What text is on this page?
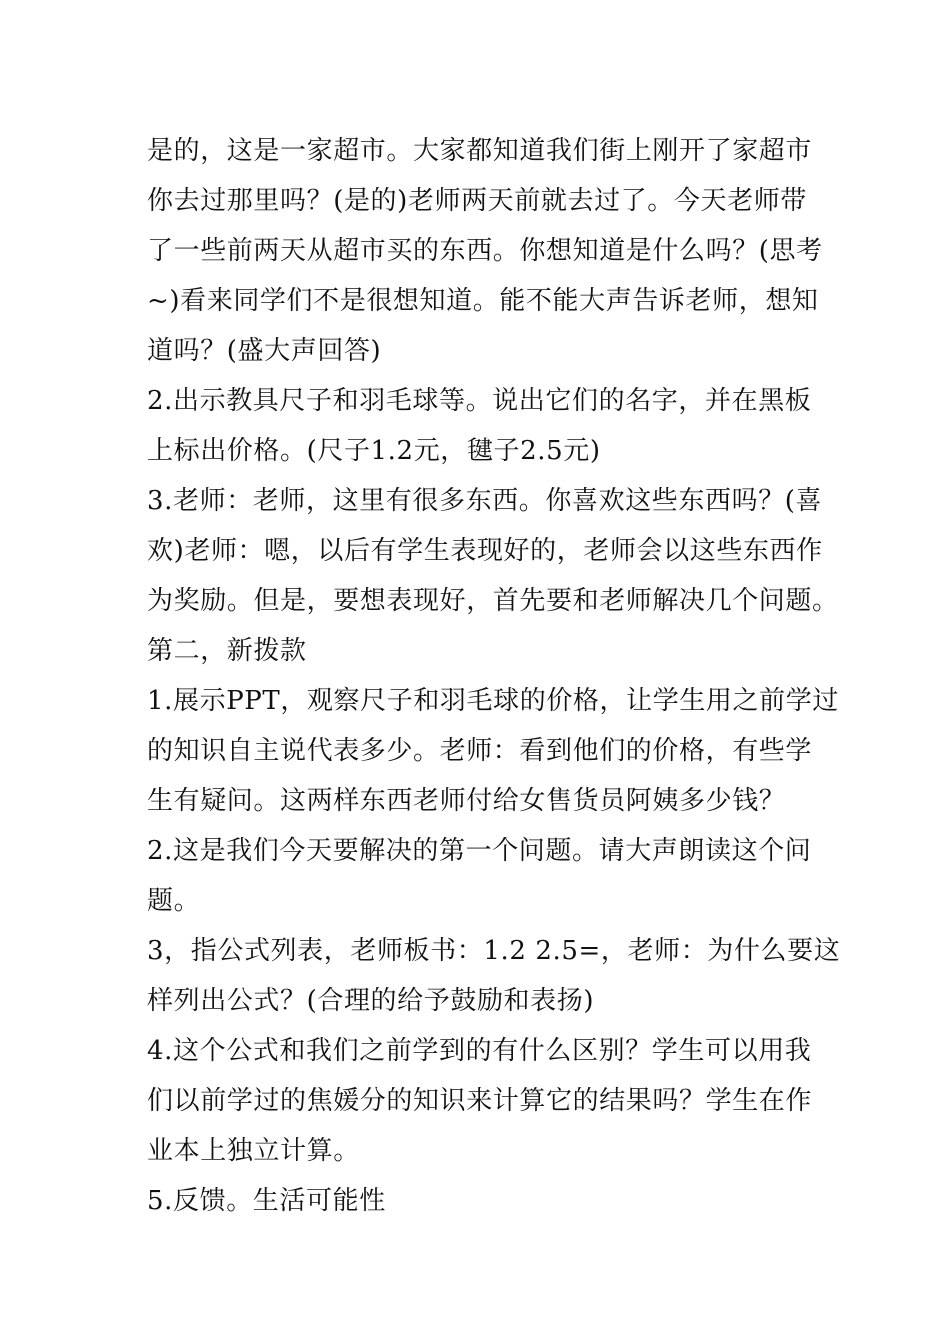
是的，这是一家超市。大家都知道我们街上刚开了家超市
你去过那里吗？(是的)老师两天前就去过了。今天老师带
了一些前两天从超市买的东西。你想知道是什么吗？(思考
~)看来同学们不是很想知道。能不能大声告诉老师，想知
道吗？(盛大声回答)
2.出示教具尺子和羽毛球等。说出它们的名字，并在黑板
上标出价格。(尺子1.2元，毽子2.5元)
3.老师：老师，这里有很多东西。你喜欢这些东西吗？(喜
欢)老师：嗯，以后有学生表现好的，老师会以这些东西作
为奖励。但是，要想表现好，首先要和老师解决几个问题。
第二，新拨款
1.展示PPT，观察尺子和羽毛球的价格，让学生用之前学过
的知识自主说代表多少。老师：看到他们的价格，有些学
生有疑问。这两样东西老师付给女售货员阿姨多少钱？
2.这是我们今天要解决的第一个问题。请大声朗读这个问
题。
3，指公式列表，老师板书：1.2 2.5=，老师：为什么要这
样列出公式？(合理的给予鼓励和表扬)
4.这个公式和我们之前学到的有什么区别？学生可以用我
们以前学过的焦媛分的知识来计算它的结果吗？学生在作
业本上独立计算。
5.反馈。生活可能性
